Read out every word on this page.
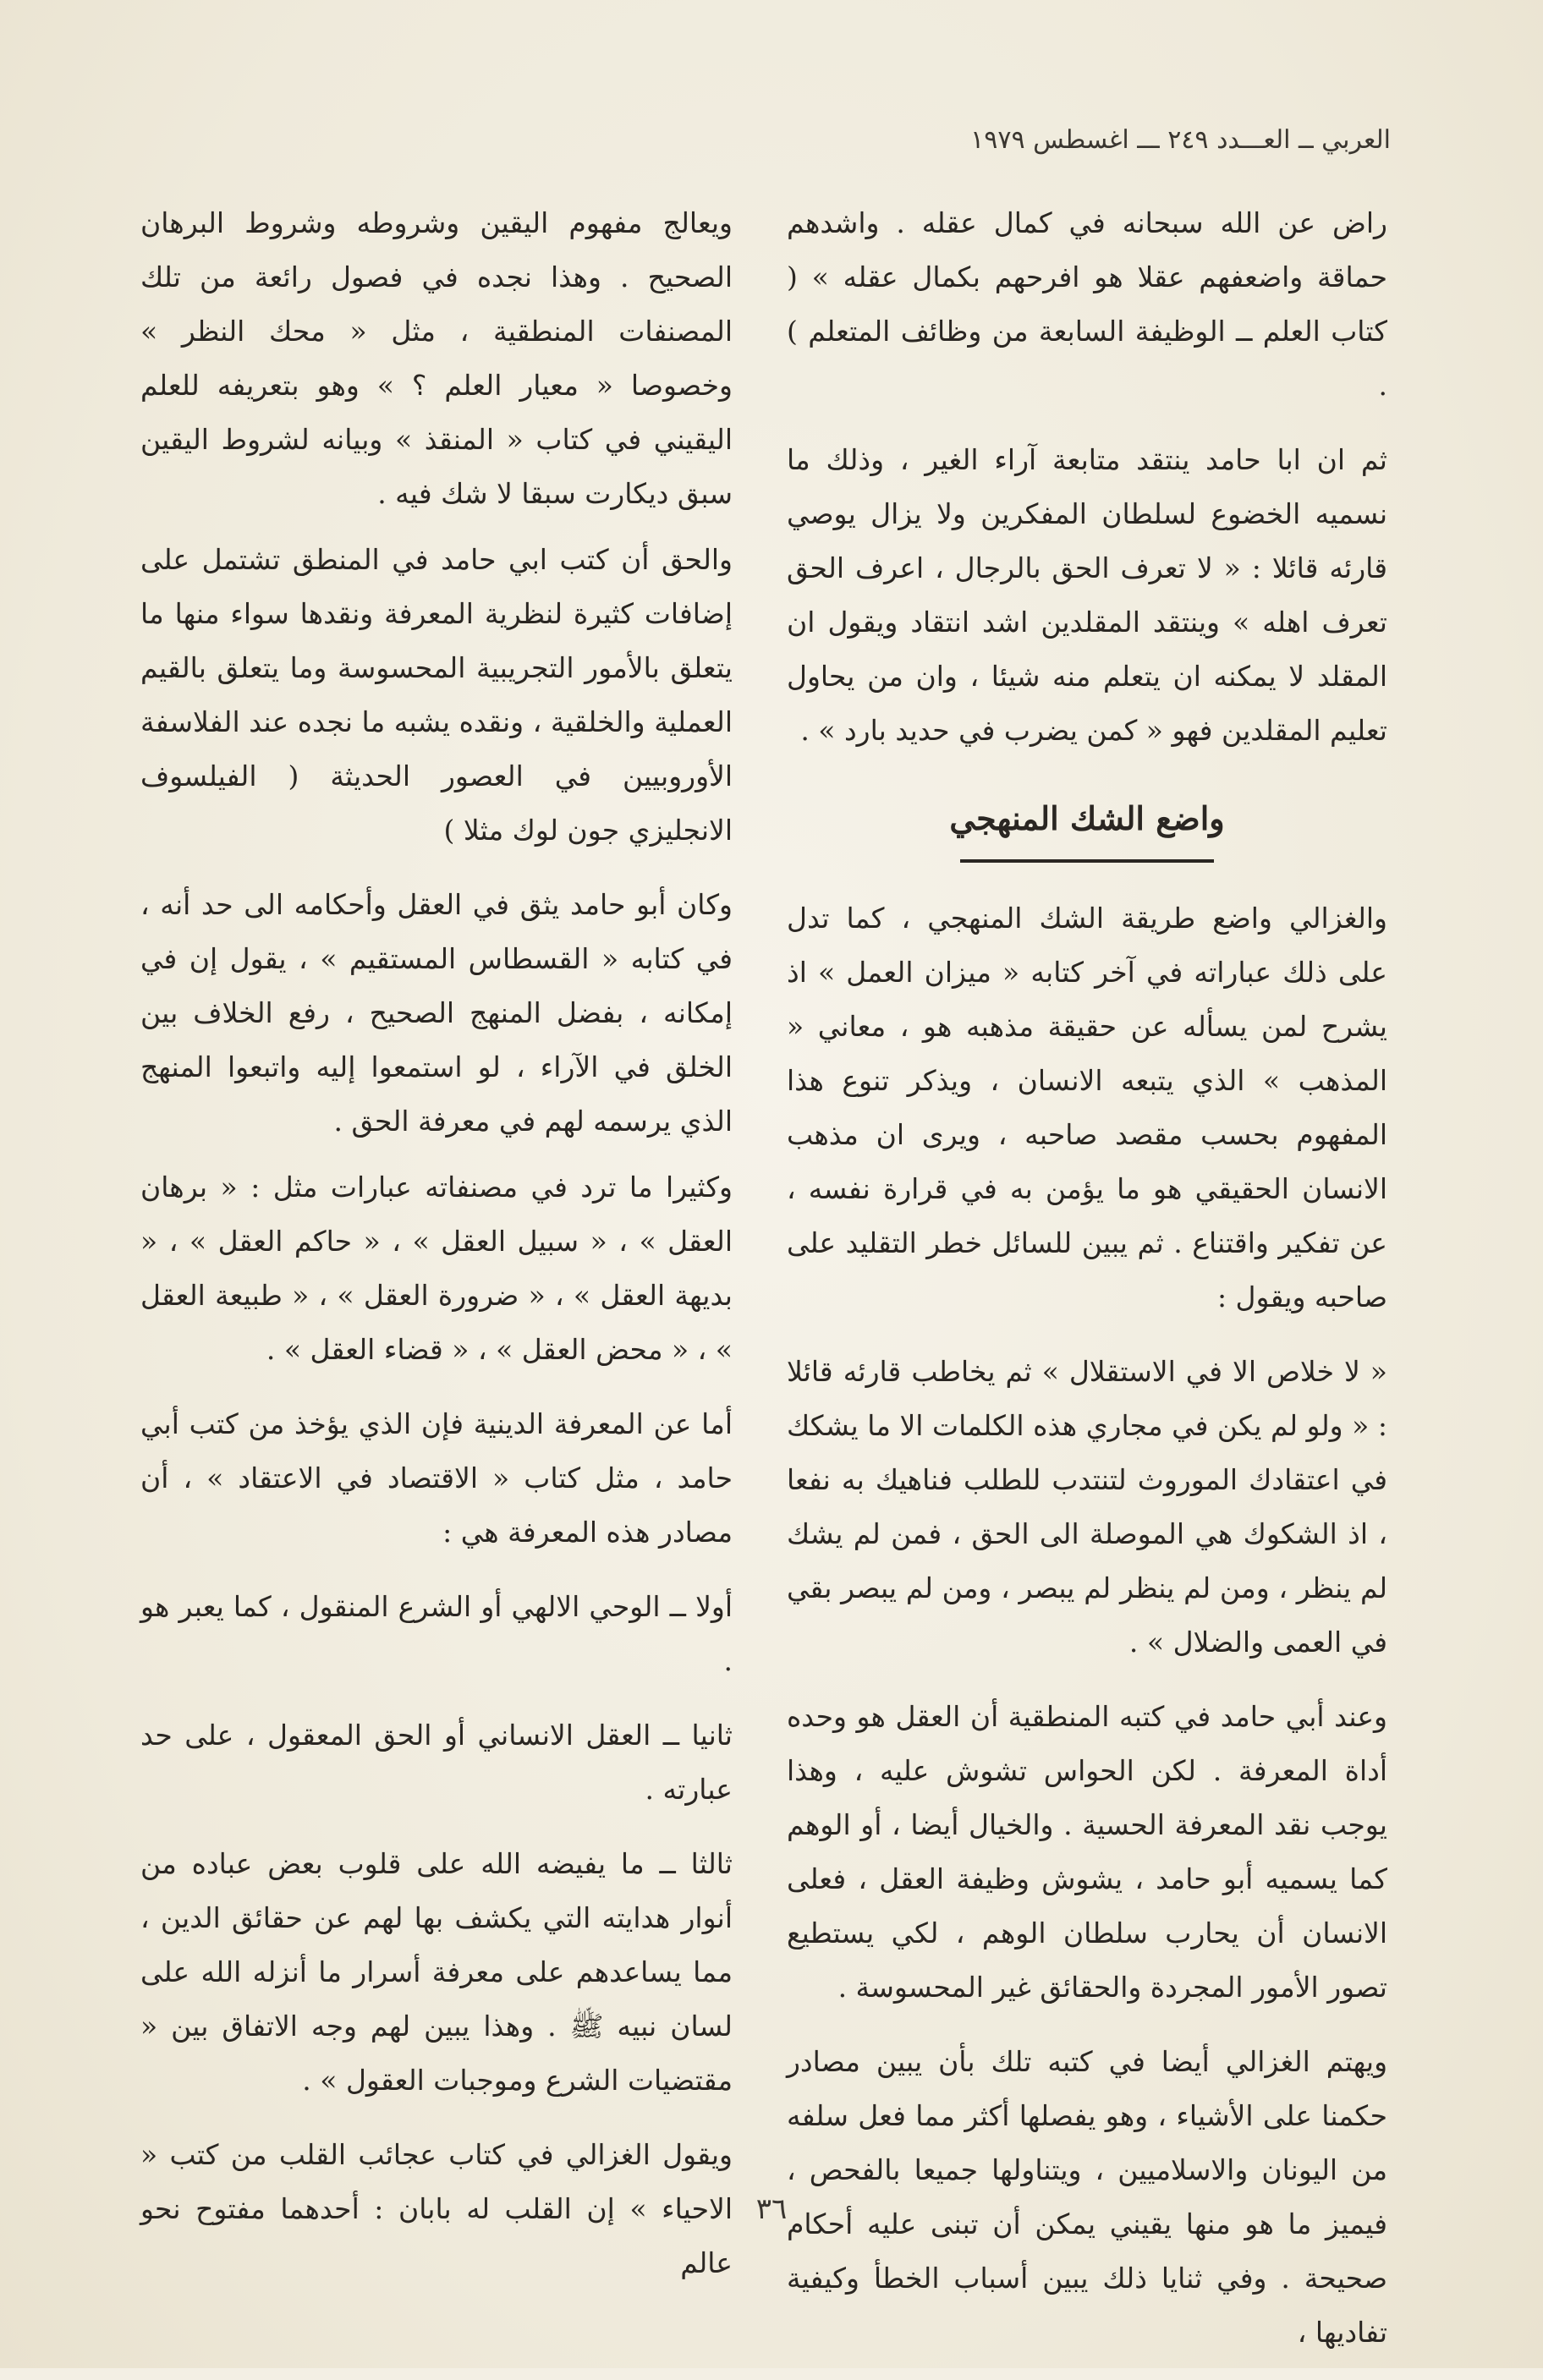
العربي ــ العـــدد ٢٤٩ ـــ اغسطس ١٩٧٩

راض عن الله سبحانه في كمال عقله . واشدهم حماقة واضعفهم عقلا هو افرحهم بكمال عقله » ( كتاب العلم ــ الوظيفة السابعة من وظائف المتعلم ) .

ثم ان ابا حامد ينتقد متابعة آراء الغير ، وذلك ما نسميه الخضوع لسلطان المفكرين ولا يزال يوصي قارئه قائلا : « لا تعرف الحق بالرجال ، اعرف الحق تعرف اهله » وينتقد المقلدين اشد انتقاد ويقول ان المقلد لا يمكنه ان يتعلم منه شيئا ، وان من يحاول تعليم المقلدين فهو « كمن يضرب في حديد بارد » .

واضع الشك المنهجي

والغزالي واضع طريقة الشك المنهجي ، كما تدل على ذلك عباراته في آخر كتابه « ميزان العمل » اذ يشرح لمن يسأله عن حقيقة مذهبه هو ، معاني « المذهب » الذي يتبعه الانسان ، ويذكر تنوع هذا المفهوم بحسب مقصد صاحبه ، ويرى ان مذهب الانسان الحقيقي هو ما يؤمن به في قرارة نفسه ، عن تفكير واقتناع . ثم يبين للسائل خطر التقليد على صاحبه ويقول :

« لا خلاص الا في الاستقلال » ثم يخاطب قارئه قائلا : « ولو لم يكن في مجاري هذه الكلمات الا ما يشكك في اعتقادك الموروث لتنتدب للطلب فناهيك به نفعا ، اذ الشكوك هي الموصلة الى الحق ، فمن لم يشك لم ينظر ، ومن لم ينظر لم يبصر ، ومن لم يبصر بقي في العمى والضلال » .

وعند أبي حامد في كتبه المنطقية أن العقل هو وحده أداة المعرفة . لكن الحواس تشوش عليه ، وهذا يوجب نقد المعرفة الحسية . والخيال أيضا ، أو الوهم كما يسميه أبو حامد ، يشوش وظيفة العقل ، فعلى الانسان أن يحارب سلطان الوهم ، لكي يستطيع تصور الأمور المجردة والحقائق غير المحسوسة .

ويهتم الغزالي أيضا في كتبه تلك بأن يبين مصادر حكمنا على الأشياء ، وهو يفصلها أكثر مما فعل سلفه من اليونان والاسلاميين ، ويتناولها جميعا بالفحص ، فيميز ما هو منها يقيني يمكن أن تبنى عليه أحكام صحيحة . وفي ثنايا ذلك يبين أسباب الخطأ وكيفية تفاديها ،

ويعالج مفهوم اليقين وشروطه وشروط البرهان الصحيح . وهذا نجده في فصول رائعة من تلك المصنفات المنطقية ، مثل « محك النظر » وخصوصا « معيار العلم ؟ » وهو بتعريفه للعلم اليقيني في كتاب « المنقذ » وبيانه لشروط اليقين سبق ديكارت سبقا لا شك فيه .

والحق أن كتب ابي حامد في المنطق تشتمل على إضافات كثيرة لنظرية المعرفة ونقدها سواء منها ما يتعلق بالأمور التجريبية المحسوسة وما يتعلق بالقيم العملية والخلقية ، ونقده يشبه ما نجده عند الفلاسفة الأوروبيين في العصور الحديثة ( الفيلسوف الانجليزي جون لوك مثلا )

وكان أبو حامد يثق في العقل وأحكامه الى حد أنه ، في كتابه « القسطاس المستقيم » ، يقول إن في إمكانه ، بفضل المنهج الصحيح ، رفع الخلاف بين الخلق في الآراء ، لو استمعوا إليه واتبعوا المنهج الذي يرسمه لهم في معرفة الحق .

وكثيرا ما ترد في مصنفاته عبارات مثل : « برهان العقل » ، « سبيل العقل » ، « حاكم العقل » ، « بديهة العقل » ، « ضرورة العقل » ، « طبيعة العقل » ، « محض العقل » ، « قضاء العقل » .

أما عن المعرفة الدينية فإن الذي يؤخذ من كتب أبي حامد ، مثل كتاب « الاقتصاد في الاعتقاد » ، أن مصادر هذه المعرفة هي :

أولا ــ الوحي الالهي أو الشرع المنقول ، كما يعبر هو .

ثانيا ــ العقل الانساني أو الحق المعقول ، على حد عبارته .

ثالثا ــ ما يفيضه الله على قلوب بعض عباده من أنوار هدايته التي يكشف بها لهم عن حقائق الدين ، مما يساعدهم على معرفة أسرار ما أنزله الله على لسان نبيه ﷺ . وهذا يبين لهم وجه الاتفاق بين « مقتضيات الشرع وموجبات العقول » .

ويقول الغزالي في كتاب عجائب القلب من كتب « الاحياء » إن القلب له بابان : أحدهما مفتوح نحو عالم

٣٦
